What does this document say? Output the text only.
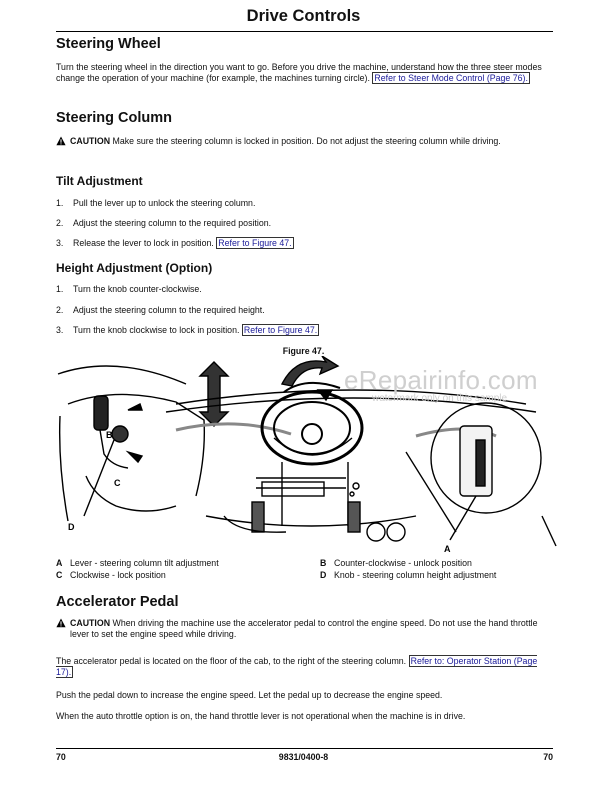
Drive Controls
Steering Wheel
Turn the steering wheel in the direction you want to go. Before you drive the machine, understand how the three steer modes change the operation of your machine (for example, the machines turning circle). Refer to Steer Mode Control (Page 76).
Steering Column
CAUTION Make sure the steering column is locked in position. Do not adjust the steering column while driving.
Tilt Adjustment
1. Pull the lever up to unlock the steering column.
2. Adjust the steering column to the required position.
3. Release the lever to lock in position. Refer to Figure 47.
Height Adjustment (Option)
1. Turn the knob counter-clockwise.
2. Adjust the steering column to the required height.
3. Turn the knob clockwise to lock in position. Refer to Figure 47.
Figure 47.
B
C
D
A
eRepairinfo.com
watermark only on this sample
A Lever - steering column tilt adjustment	B Counter-clockwise - unlock position
C Clockwise - lock position	D Knob - steering column height adjustment
Accelerator Pedal
CAUTION When driving the machine use the accelerator pedal to control the engine speed. Do not use the hand throttle lever to set the engine speed while driving.
The accelerator pedal is located on the floor of the cab, to the right of the steering column. Refer to: Operator Station (Page 17).
Push the pedal down to increase the engine speed. Let the pedal up to decrease the engine speed.
When the auto throttle option is on, the hand throttle lever is not operational when the machine is in drive.
70	9831/0400-8	70
